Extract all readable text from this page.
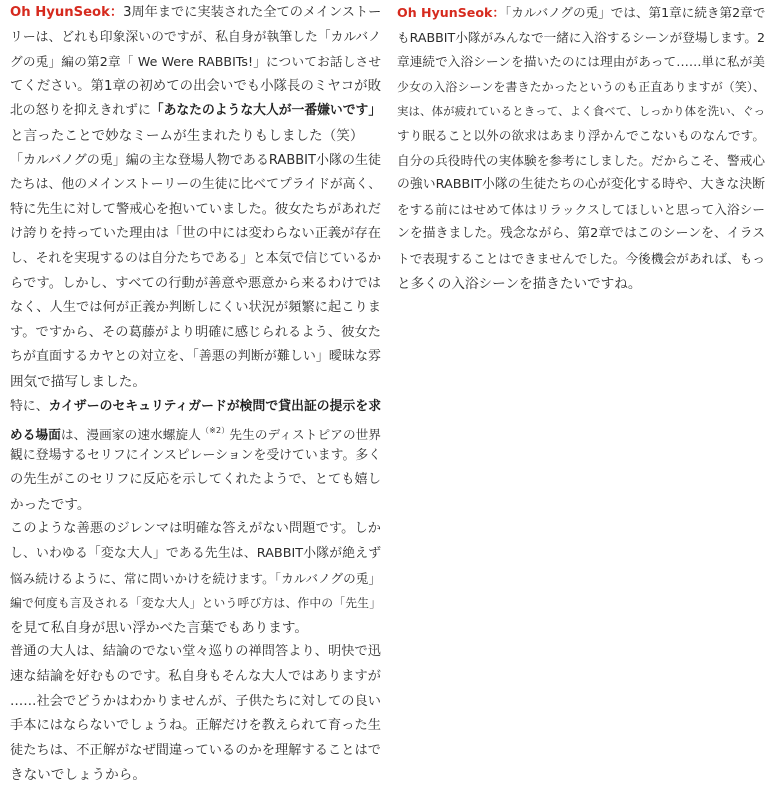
Oh HyunSeok：3周年までに実装された全てのメインストー
リーは、どれも印象深いのですが、私自身が執筆した「カルバノ
グの兎」編の第2章「 We Were RABBITs!」についてお話しさせ
てください。第1章の初めての出会いでも小隊長のミヤコが敗
北の怒りを抑えきれずに「あなたのような大人が一番嫌いです」
と言ったことで妙なミームが生まれたりもしました（笑）
「カルバノグの兎」編の主な登場人物であるRABBIT小隊の生徒
たちは、他のメインストーリーの生徒に比べてプライドが高く、
特に先生に対して警戒心を抱いていました。彼女たちがあれだ
け誇りを持っていた理由は「世の中には変わらない正義が存在
し、それを実現するのは自分たちである」と本気で信じているか
らです。しかし、すべての行動が善意や悪意から来るわけでは
なく、人生では何が正義か判断しにくい状況が頻繁に起こりま
す。ですから、その葛藤がより明確に感じられるよう、彼女た
ちが直面するカヤとの対立を、「善悪の判断が難しい」曖昧な雰
囲気で描写しました。
特に、カイザーのセキュリティガードが検問で貸出証の提示を求
める場面は、漫画家の速水螺旋人$^{(※2)}$先生のディストピアの世界
観に登場するセリフにインスピレーションを受けています。多く
の先生がこのセリフに反応を示してくれたようで、とても嬉し
かったです。
このような善悪のジレンマは明確な答えがない問題です。しか
し、いわゆる「変な大人」である先生は、RABBIT小隊が絶えず
悩み続けるように、常に問いかけを続けます。「カルバノグの兎」
編で何度も言及される「変な大人」という呼び方は、作中の「先生」
を見て私自身が思い浮かべた言葉でもあります。
普通の大人は、結論のでない堂々巡りの禅問答より、明快で迅
速な結論を好むものです。私自身もそんな大人ではありますが
……社会でどうかはわかりませんが、子供たちに対しての良い
手本にはならないでしょうね。正解だけを教えられて育った生
徒たちは、不正解がなぜ間違っているのかを理解することはで
きないでしょうから。
Oh HyunSeok：「カルバノグの兎」では、第1章に続き第2章で
もRABBIT小隊がみんなで一緒に入浴するシーンが登場します。2
章連続で入浴シーンを描いたのには理由があって……単に私が美
少女の入浴シーンを書きたかったというのも正直ありますが（笑）、
実は、体が疲れているときって、よく食べて、しっかり体を洗い、ぐっ
すり眠ること以外の欲求はあまり浮かんでこないものなんです。
自分の兵役時代の実体験を参考にしました。だからこそ、警戒心
の強いRABBIT小隊の生徒たちの心が変化する時や、大きな決断
をする前にはせめて体はリラックスしてほしいと思って入浴シー
ンを描きました。残念ながら、第2章ではこのシーンを、イラス
トで表現することはできませんでした。今後機会があれば、もっ
と多くの入浴シーンを描きたいですね。
